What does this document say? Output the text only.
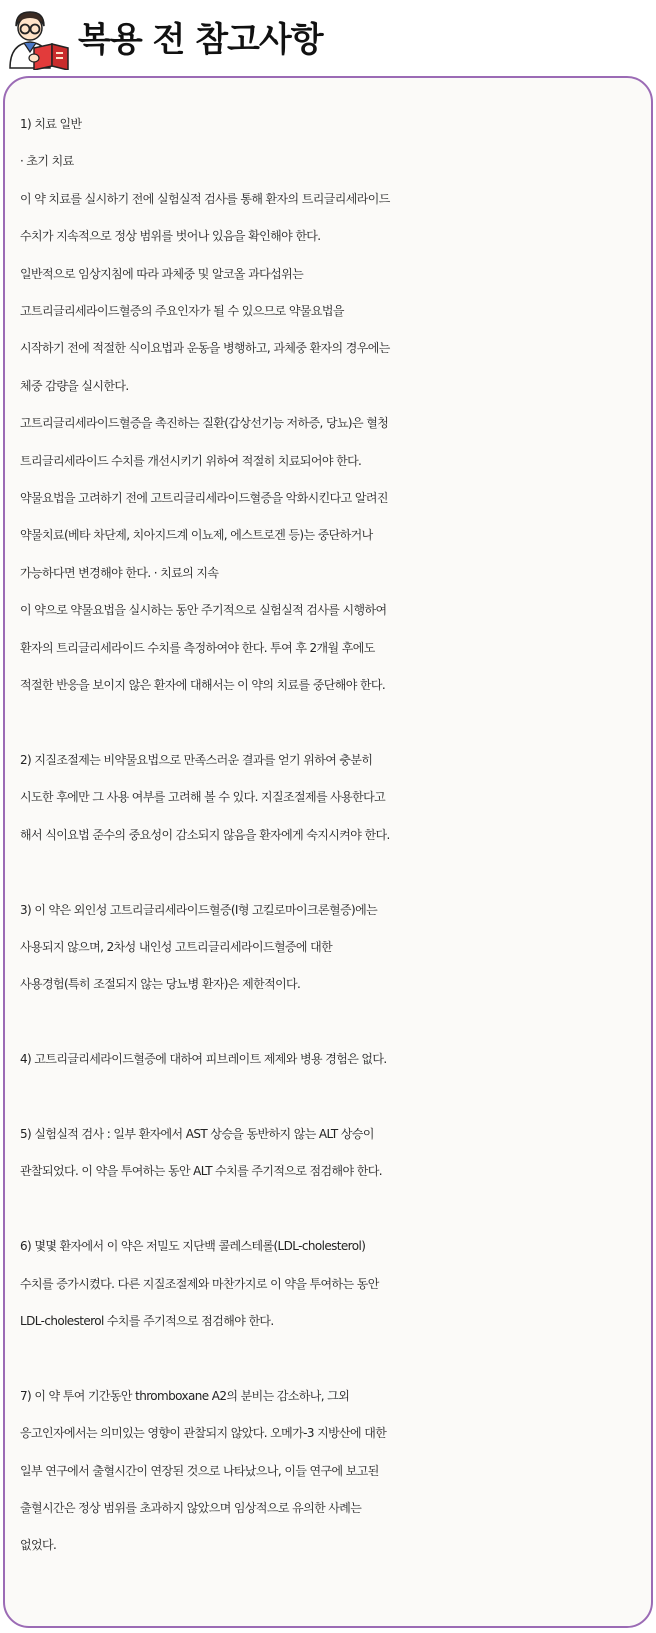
복용 전 참고사항
1) 치료 일반
· 초기 치료
이 약 치료를 실시하기 전에 실험실적 검사를 통해 환자의 트리글리세라이드
수치가 지속적으로 정상 범위를 벗어나 있음을 확인해야 한다.
일반적으로 임상지침에 따라 과체중 및 알코올 과다섭위는
고트리글리세라이드혈증의 주요인자가 될 수 있으므로 약물요법을
시작하기 전에 적절한 식이요법과 운동을 병행하고, 과체중 환자의 경우에는
체중 감량을 실시한다.
고트리글리세라이드혈증을 촉진하는 질환(갑상선기능 저하증, 당뇨)은 혈청
트리글리세라이드 수치를 개선시키기 위하여 적절히 치료되어야 한다.
약물요법을 고려하기 전에 고트리글리세라이드혈증을 악화시킨다고 알려진
약물치료(베타 차단제, 치아지드계 이뇨제, 에스트로겐 등)는 중단하거나
가능하다면 변경해야 한다. · 치료의 지속
이 약으로 약물요법을 실시하는 동안 주기적으로 실험실적 검사를 시행하여
환자의 트리글리세라이드 수치를 측정하여야 한다. 투여 후 2개월 후에도
적절한 반응을 보이지 않은 환자에 대해서는 이 약의 치료를 중단해야 한다.
2) 지질조절제는 비약물요법으로 만족스러운 결과를 얻기 위하여 충분히
시도한 후에만 그 사용 여부를 고려해 볼 수 있다. 지질조절제를 사용한다고
해서 식이요법 준수의 중요성이 감소되지 않음을 환자에게 숙지시켜야 한다.
3) 이 약은 외인성 고트리글리세라이드혈증(Ⅰ형 고킬로마이크론혈증)에는
사용되지 않으며, 2차성 내인성 고트리글리세라이드혈증에 대한
사용경험(특히 조절되지 않는 당뇨병 환자)은 제한적이다.
4) 고트리글리세라이드혈증에 대하여 피브레이트 제제와 병용 경험은 없다.
5) 실험실적 검사 : 일부 환자에서 AST 상승을 동반하지 않는 ALT 상승이
관찰되었다. 이 약을 투여하는 동안 ALT 수치를 주기적으로 점검해야 한다.
6) 몇몇 환자에서 이 약은 저밀도 지단백 콜레스테롤(LDL-cholesterol)
수치를 증가시켰다. 다른 지질조절제와 마찬가지로 이 약을 투여하는 동안
LDL-cholesterol 수치를 주기적으로 점검해야 한다.
7) 이 약 투여 기간동안 thromboxane A2의 분비는 감소하나, 그외
응고인자에서는 의미있는 영향이 관찰되지 않았다. 오메가-3 지방산에 대한
일부 연구에서 출혈시간이 연장된 것으로 나타났으나, 이들 연구에 보고된
출혈시간은 정상 범위를 초과하지 않았으며 임상적으로 유의한 사례는
없었다.
